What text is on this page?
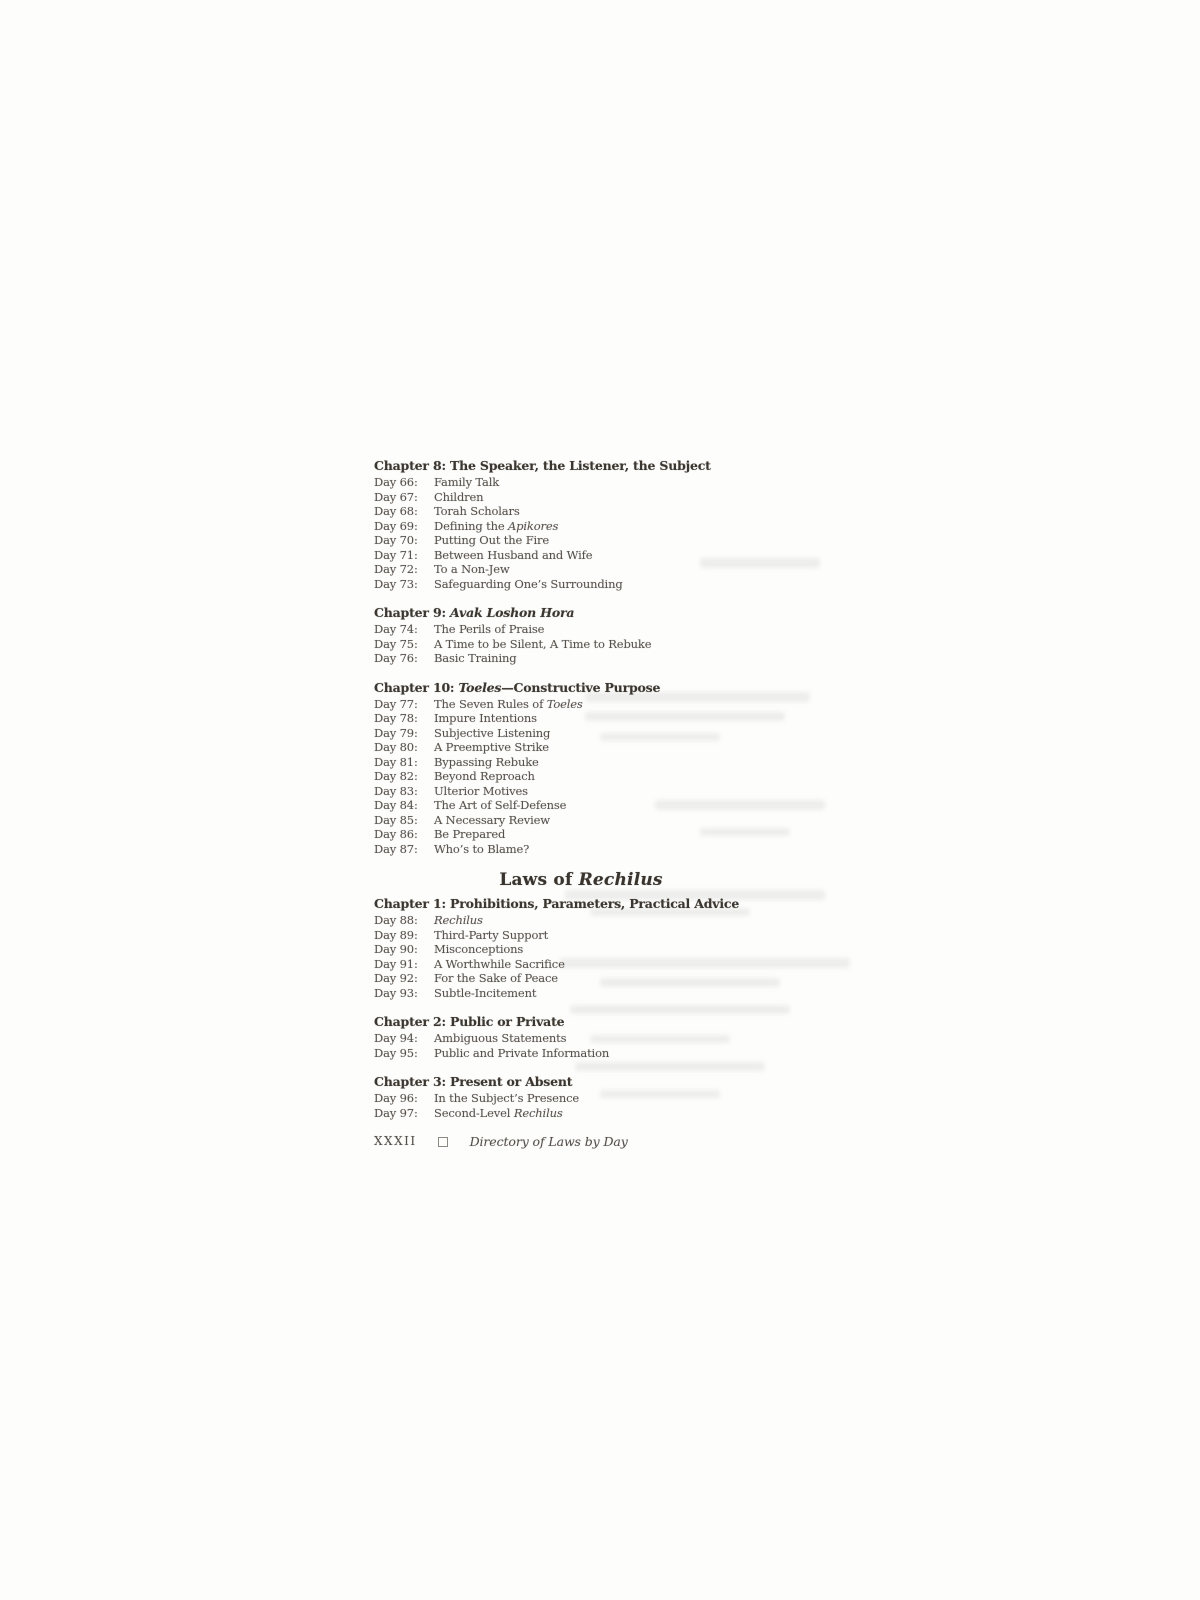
Chapter 8: The Speaker, the Listener, the Subject
Day 66:	Family Talk
Day 67:	Children
Day 68:	Torah Scholars
Day 69:	Defining the Apikores
Day 70:	Putting Out the Fire
Day 71:	Between Husband and Wife
Day 72:	To a Non-Jew
Day 73:	Safeguarding One’s Surrounding
Chapter 9: Avak Loshon Hora
Day 74:	The Perils of Praise
Day 75:	A Time to be Silent, A Time to Rebuke
Day 76:	Basic Training
Chapter 10: Toeles—Constructive Purpose
Day 77:	The Seven Rules of Toeles
Day 78:	Impure Intentions
Day 79:	Subjective Listening
Day 80:	A Preemptive Strike
Day 81:	Bypassing Rebuke
Day 82:	Beyond Reproach
Day 83:	Ulterior Motives
Day 84:	The Art of Self-Defense
Day 85:	A Necessary Review
Day 86:	Be Prepared
Day 87:	Who’s to Blame?
Laws of Rechilus
Chapter 1: Prohibitions, Parameters, Practical Advice
Day 88:	Rechilus
Day 89:	Third-Party Support
Day 90:	Misconceptions
Day 91:	A Worthwhile Sacrifice
Day 92:	For the Sake of Peace
Day 93:	Subtle-Incitement
Chapter 2: Public or Private
Day 94:	Ambiguous Statements
Day 95:	Public and Private Information
Chapter 3: Present or Absent
Day 96:	In the Subject’s Presence
Day 97:	Second-Level Rechilus
XXXII	Directory of Laws by Day
